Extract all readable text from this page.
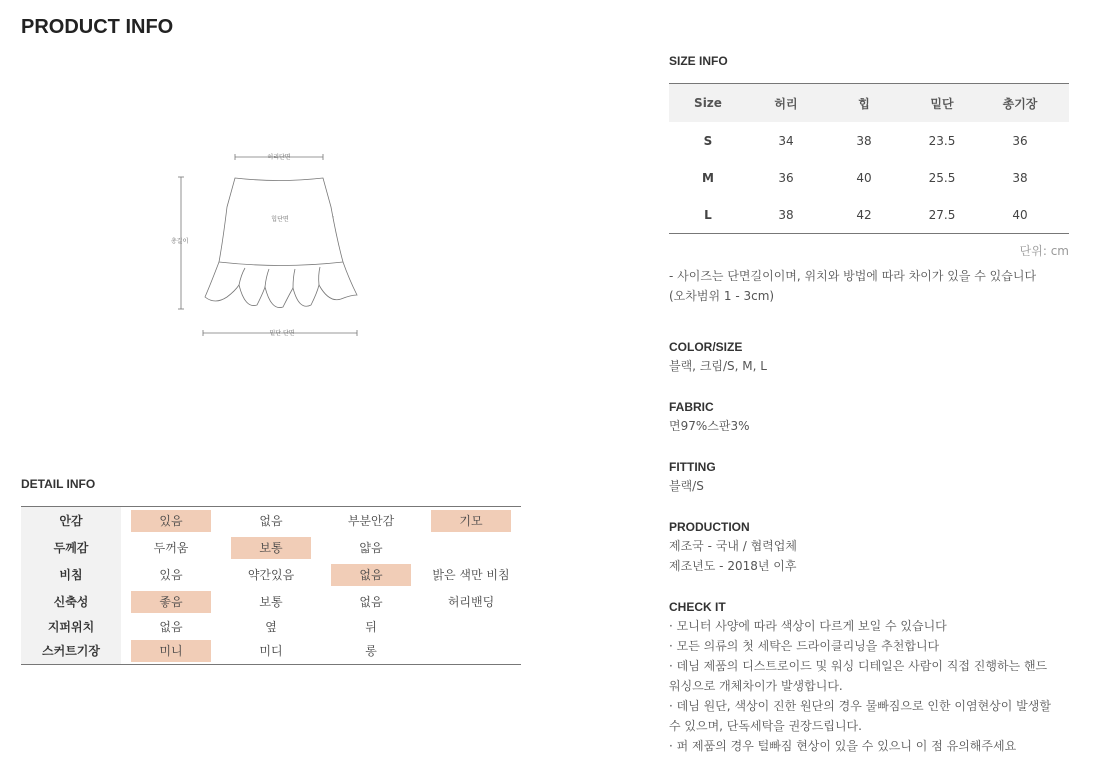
PRODUCT INFO
허리단면
힙단면
총길이
밑단 단면
DETAIL INFO
안감	있음	없음	부분안감	기모
두께감	두꺼움	보통	얇음
비침	있음	약간있음	없음	밝은 색만 비침
신축성	좋음	보통	없음	허리밴딩
지퍼위치	없음	옆	뒤
스커트기장	미니	미디	롱
SIZE INFO
Size	허리	힙	밑단	총기장
S	34	38	23.5	36
M	36	40	25.5	38
L	38	42	27.5	40
단위: cm

- 사이즈는 단면길이이며, 위치와 방법에 따라 차이가 있을 수 있습니다

(오차범위 1 - 3cm)

COLOR/SIZE

블랙, 크림/S, M, L

FABRIC

면97%스판3%

FITTING

블랙/S

PRODUCTION

제조국 - 국내 / 협력업체

제조년도 - 2018년 이후

CHECK IT

· 모니터 사양에 따라 색상이 다르게 보일 수 있습니다

· 모든 의류의 첫 세탁은 드라이클리닝을 추천합니다

· 데님 제품의 디스트로이드 및 워싱 디테일은 사람이 직접 진행하는 핸드

워싱으로 개체차이가 발생합니다.

· 데님 원단, 색상이 진한 원단의 경우 물빠짐으로 인한 이염현상이 발생할

수 있으며, 단독세탁을 권장드립니다.

· 퍼 제품의 경우 털빠짐 현상이 있을 수 있으니 이 점 유의해주세요
